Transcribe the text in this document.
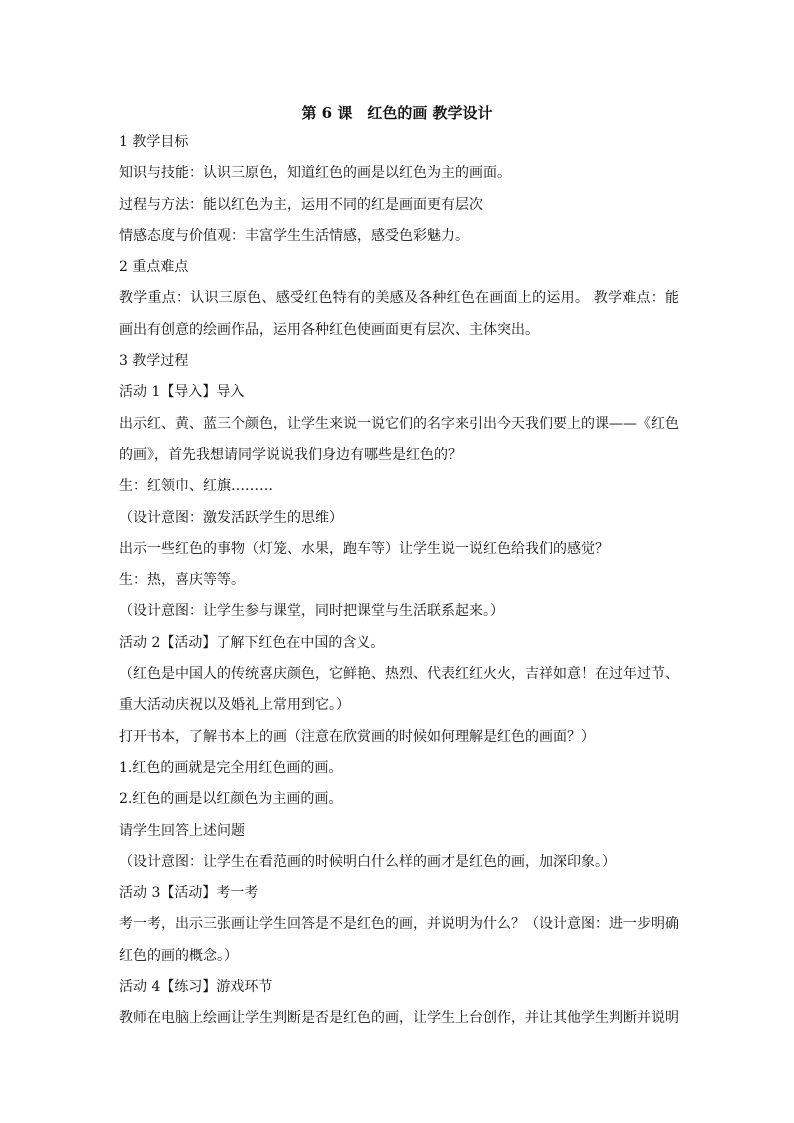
第 6 课　红色的画 教学设计
1 教学目标
知识与技能：认识三原色，知道红色的画是以红色为主的画面。
过程与方法：能以红色为主，运用不同的红是画面更有层次
情感态度与价值观：丰富学生生活情感，感受色彩魅力。
2 重点难点
教学重点：认识三原色、感受红色特有的美感及各种红色在画面上的运用。 教学难点：能画出有创意的绘画作品，运用各种红色使画面更有层次、主体突出。
3 教学过程
活动 1【导入】导入
出示红、黄、蓝三个颜色，让学生来说一说它们的名字来引出今天我们要上的课——《红色的画》，首先我想请同学说说我们身边有哪些是红色的？
生：红领巾、红旗………
（设计意图：激发活跃学生的思维）
出示一些红色的事物（灯笼、水果，跑车等）让学生说一说红色给我们的感觉？
生：热，喜庆等等。
（设计意图：让学生参与课堂，同时把课堂与生活联系起来。）
活动 2【活动】了解下红色在中国的含义。
（红色是中国人的传统喜庆颜色，它鲜艳、热烈、代表红红火火，吉祥如意！在过年过节、重大活动庆祝以及婚礼上常用到它。）
打开书本，了解书本上的画（注意在欣赏画的时候如何理解是红色的画面？）
1.红色的画就是完全用红色画的画。
2.红色的画是以红颜色为主画的画。
请学生回答上述问题
（设计意图：让学生在看范画的时候明白什么样的画才是红色的画，加深印象。）
活动 3【活动】考一考
考一考，出示三张画让学生回答是不是红色的画，并说明为什么？（设计意图：进一步明确红色的画的概念。）
活动 4【练习】游戏环节
教师在电脑上绘画让学生判断是否是红色的画，让学生上台创作，并让其他学生判断并说明
